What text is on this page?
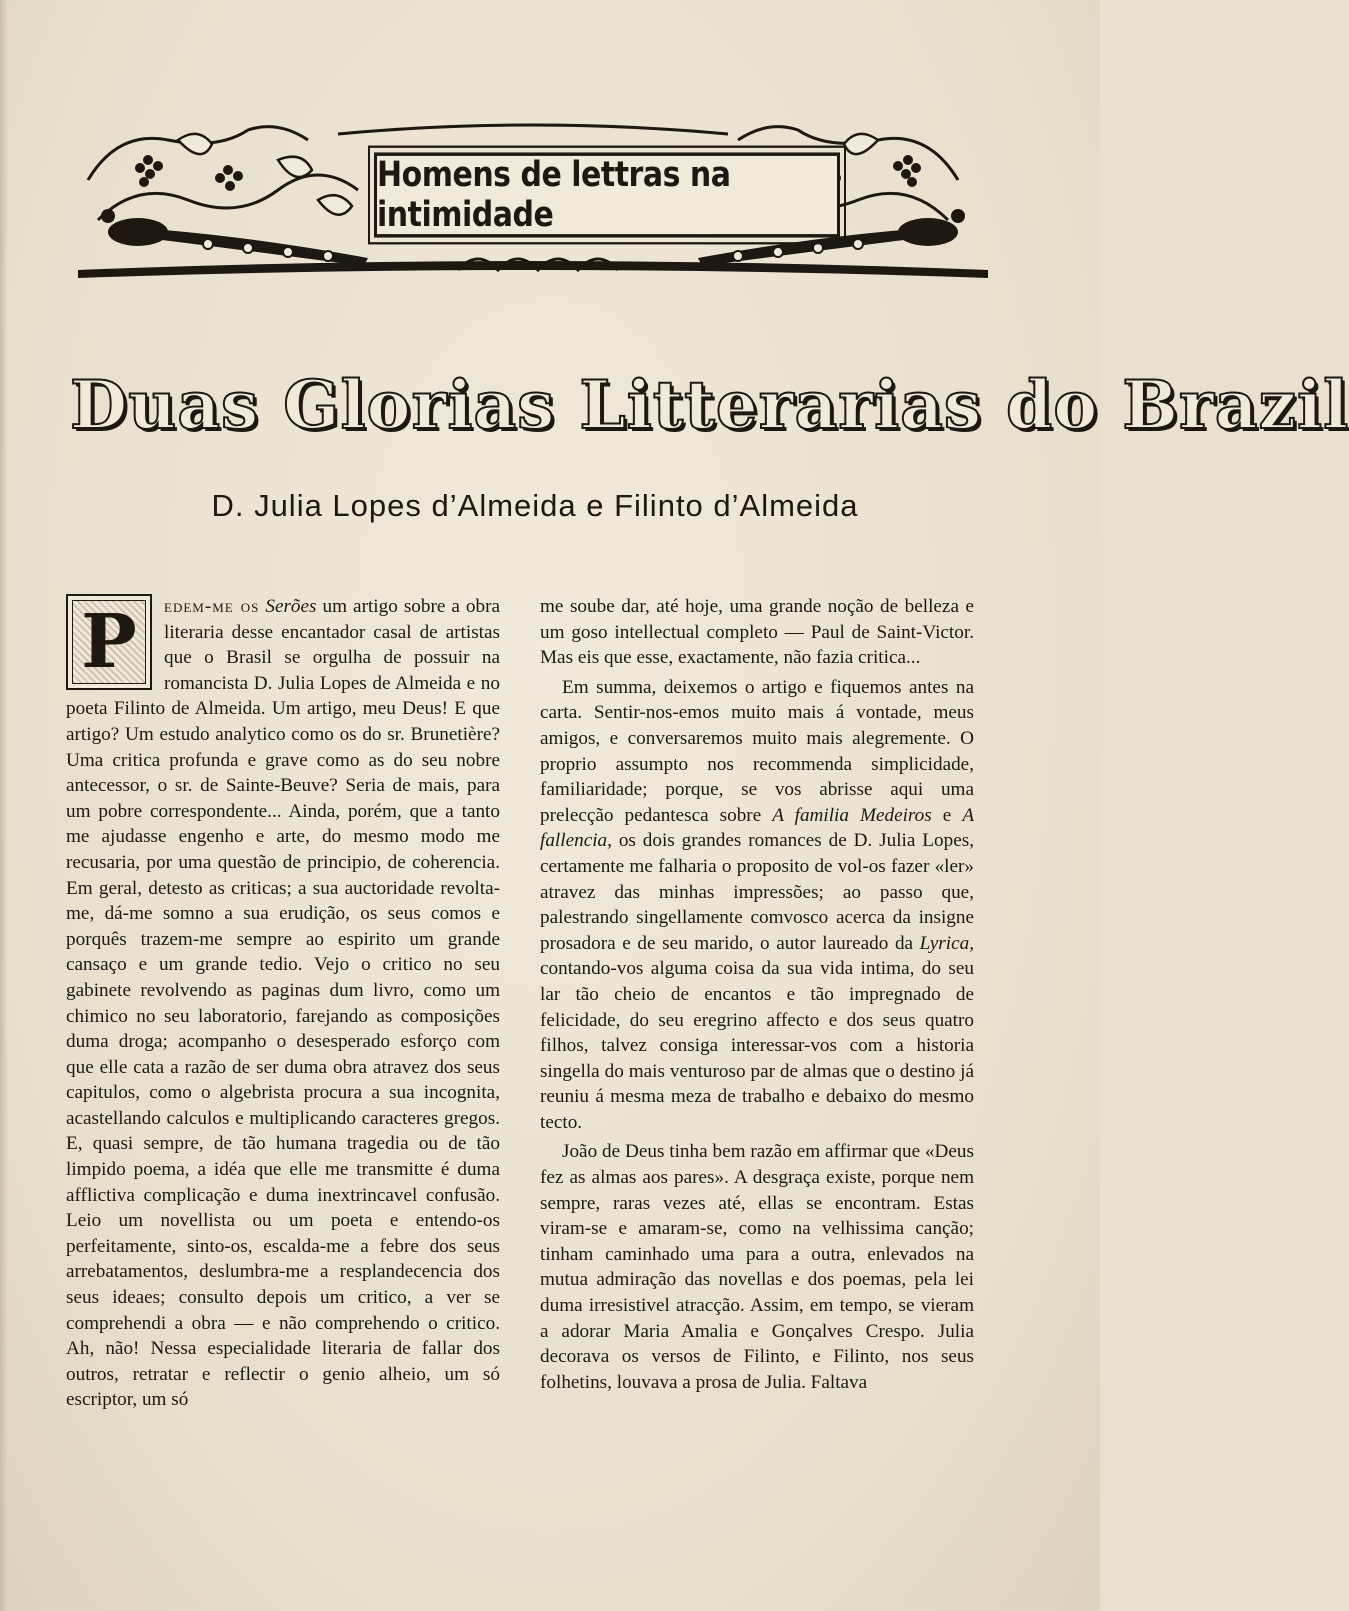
Homens de lettras na intimidade
Duas Glorias Litterarias do Brazil
D. Julia Lopes d’Almeida e Filinto d’Almeida

P	edem-me os Serões um artigo sobre a obra literaria desse encantador casal de artistas que o Brasil se orgulha de possuir na romancista D. Julia Lopes de Almeida e no poeta Filinto de Almeida. Um artigo, meu Deus! E que artigo? Um estudo analytico como os do sr. Brunetière? Uma critica profunda e grave como as do seu nobre antecessor, o sr. de Sainte-Beuve? Seria de mais, para um pobre correspondente... Ainda, porém, que a tanto me ajudasse engenho e arte, do mesmo modo me recusaria, por uma questão de principio, de coherencia. Em geral, detesto as criticas; a sua auctoridade revolta-me, dá-me somno a sua erudição, os seus comos e porquês trazem-me sempre ao espirito um grande cansaço e um grande tedio. Vejo o critico no seu gabinete revolvendo as paginas dum livro, como um chimico no seu laboratorio, farejando as composições duma droga; acompanho o desesperado esforço com que elle cata a razão de ser duma obra atravez dos seus capitulos, como o algebrista procura a sua incognita, acastellando calculos e multiplicando caracteres gregos. E, quasi sempre, de tão humana tragedia ou de tão limpido poema, a idéa que elle me transmitte é duma afflictiva complicação e duma inextrincavel confusão. Leio um novellista ou um poeta e entendo-os perfeitamente, sinto-os, escalda-me a febre dos seus arrebatamentos, deslumbra-me a resplandecencia dos seus ideaes; consulto depois um critico, a ver se comprehendi a obra — e não comprehendo o critico. Ah, não! Nessa especialidade literaria de fallar dos outros, retratar e reflectir o genio alheio, um só escriptor, um só

me soube dar, até hoje, uma grande noção de belleza e um goso intellectual completo — Paul de Saint-Victor. Mas eis que esse, exactamente, não fazia critica...

Em summa, deixemos o artigo e fiquemos antes na carta. Sentir-nos-emos muito mais á vontade, meus amigos, e conversaremos muito mais alegremente. O proprio assumpto nos recommenda simplicidade, familiaridade; porque, se vos abrisse aqui uma prelecção pedantesca sobre A familia Medeiros e A fallencia, os dois grandes romances de D. Julia Lopes, certamente me falharia o proposito de vol-os fazer «ler» atravez das minhas impressões; ao passo que, palestrando singellamente comvosco acerca da insigne prosadora e de seu marido, o autor laureado da Lyrica, contando-vos alguma coisa da sua vida intima, do seu lar tão cheio de encantos e tão impregnado de felicidade, do seu eregrino affecto e dos seus quatro filhos, talvez consiga interessar-vos com a historia singella do mais venturoso par de almas que o destino já reuniu á mesma meza de trabalho e debaixo do mesmo tecto.

João de Deus tinha bem razão em affirmar que «Deus fez as almas aos pares». A desgraça existe, porque nem sempre, raras vezes até, ellas se encontram. Estas viram-se e amaram-se, como na velhissima canção; tinham caminhado uma para a outra, enlevados na mutua admiração das novellas e dos poemas, pela lei duma irresistivel atracção. Assim, em tempo, se vieram a adorar Maria Amalia e Gonçalves Crespo. Julia decorava os versos de Filinto, e Filinto, nos seus folhetins, louvava a prosa de Julia. Faltava
